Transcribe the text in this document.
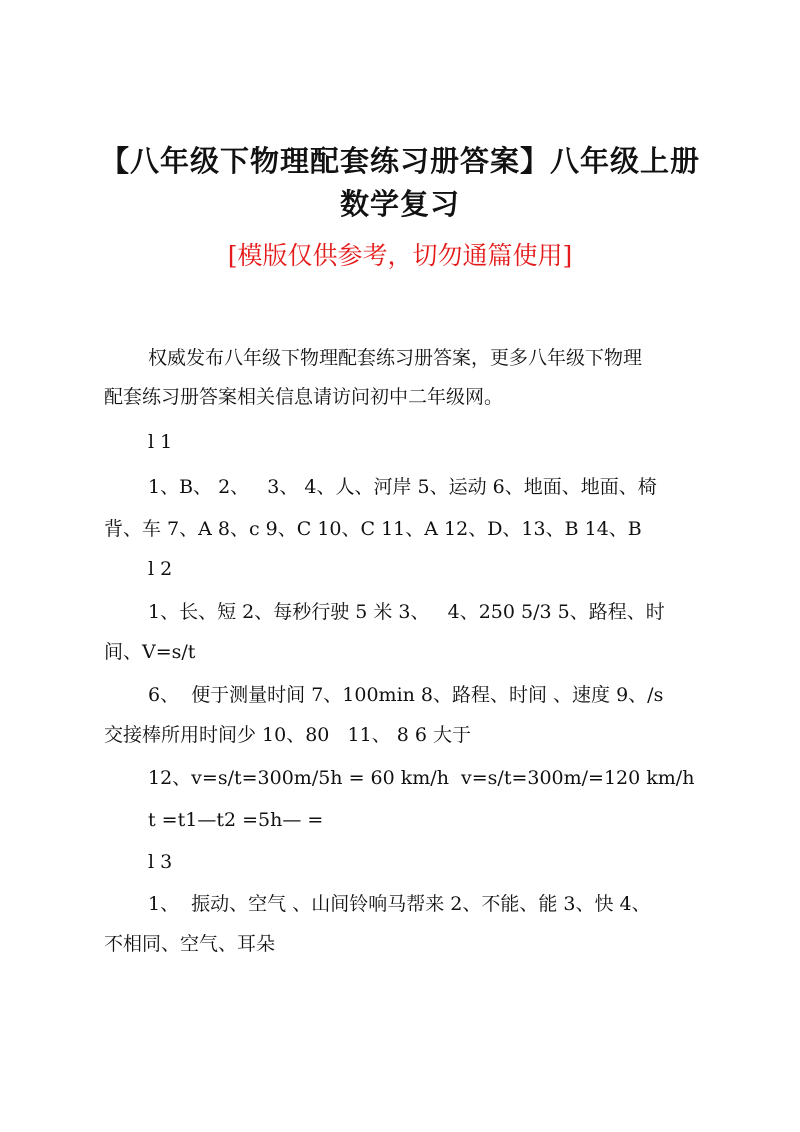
【八年级下物理配套练习册答案】八年级上册
数学复习
[模版仅供参考，切勿通篇使用]
权威发布八年级下物理配套练习册答案，更多八年级下物理
配套练习册答案相关信息请访问初中二年级网。
l 1
1、B、 2、   3、 4、人、河岸 5、运动 6、地面、地面、椅
背、车 7、A 8、c 9、C 10、C 11、A 12、D、13、B 14、B
l 2
1、长、短 2、每秒行驶 5 米 3、   4、250 5/3 5、路程、时
间、V=s/t
6、  便于测量时间 7、100min 8、路程、时间 、速度 9、/s
交接棒所用时间少 10、80   11、 8 6 大于
12、v=s/t=300m/5h = 60 km/h  v=s/t=300m/=120 km/h
t =t1—t2 =5h— =
l 3
1、  振动、空气 、山间铃响马帮来 2、不能、能 3、快 4、
不相同、空气、耳朵
